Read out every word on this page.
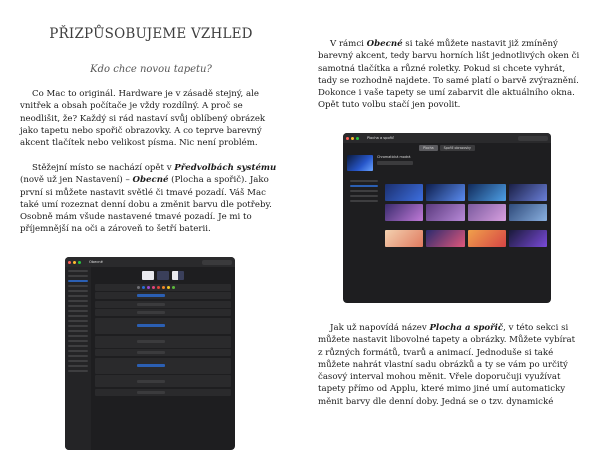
PŘIZPŮSOBUJEME VZHLED
Kdo chce novou tapetu?

Co Mac to originál. Hardware je v zásadě stejný, ale vnitřek a obsah počítače je vždy rozdílný. A proč se neodlišit, že? Každý si rád nastaví svůj oblíbený obrázek jako tapetu nebo spořič obrazovky. A co teprve barevný akcent tlačítek nebo velikost písma. Nic není problém.

Stěžejní místo se nachází opět v Předvolbách systému (nově už jen Nastavení) – Obecné (Plocha a spořič). Jako první si můžete nastavit světlé či tmavé pozadí. Váš Mac také umí rozeznat denní dobu a změnit barvu dle potřeby. Osobně mám všude nastavené tmavé pozadí. Je mi to příjemnější na oči a zároveň to šetří baterii.

Obecné

V rámci Obecné si také můžete nastavit již zmíněný barevný akcent, tedy barvu horních lišt jednotlivých oken či samotná tlačítka a různé roletky. Pokud si chcete vyhrát, tady se rozhodně najdete. To samé platí o barvě zvýraznění. Dokonce i vaše tapety se umí zabarvit dle aktuálního okna. Opět tuto volbu stačí jen povolit.

Plocha a spořič
Plocha	Spořič obrazovky
Chromatická modrá

Jak už napovídá název Plocha a spořič, v této sekci si můžete nastavit libovolné tapety a obrázky. Můžete vybírat z různých formátů, tvarů a animací. Jednoduše si také můžete nahrát vlastní sadu obrázků a ty se vám po určitý časový interval mohou měnit. Vřele doporučuji využívat tapety přímo od Applu, které mimo jiné umí automaticky měnit barvy dle denní doby. Jedná se o tzv. dynamické
